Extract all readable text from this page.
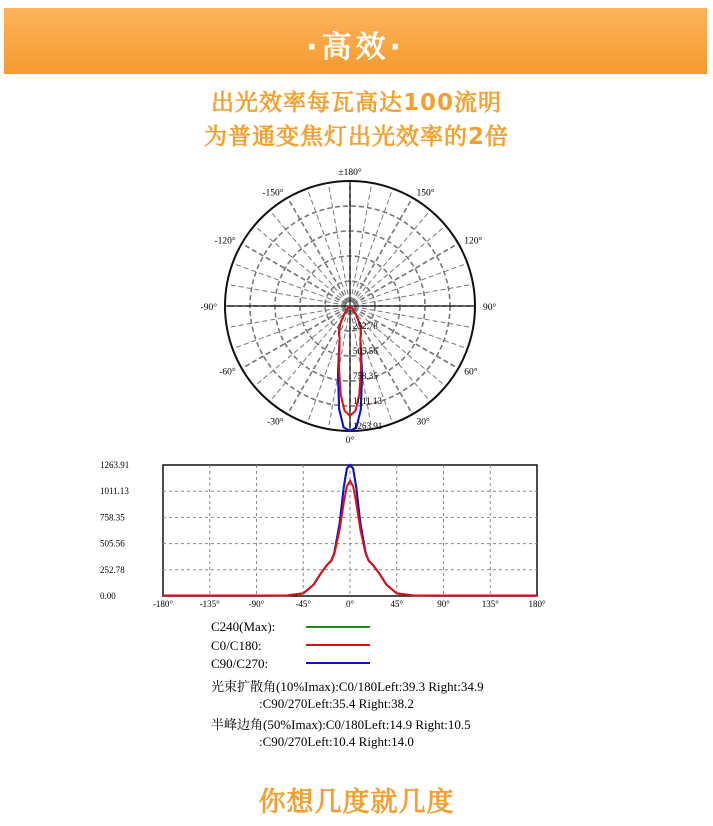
·高效·
出光效率每瓦高达100流明
为普通变焦灯出光效率的2倍
±180°
0°
90°
-90°
150°
-150°
120°
-120°
60°
-60°
30°
-30°
252.78
505.56
758.35
1011.13
1263.91
-180°	-135°	-90°	-45°	0°	45°	90°	135°	180°
0.00
252.78
505.56
758.35
1011.13
1263.91
C240(Max):
C0/C180:
C90/C270:
光束扩散角(10%Imax):C0/180Left:39.3 Right:34.9
:C90/270Left:35.4 Right:38.2
半峰边角(50%Imax):C0/180Left:14.9 Right:10.5
:C90/270Left:10.4 Right:14.0
你想几度就几度
